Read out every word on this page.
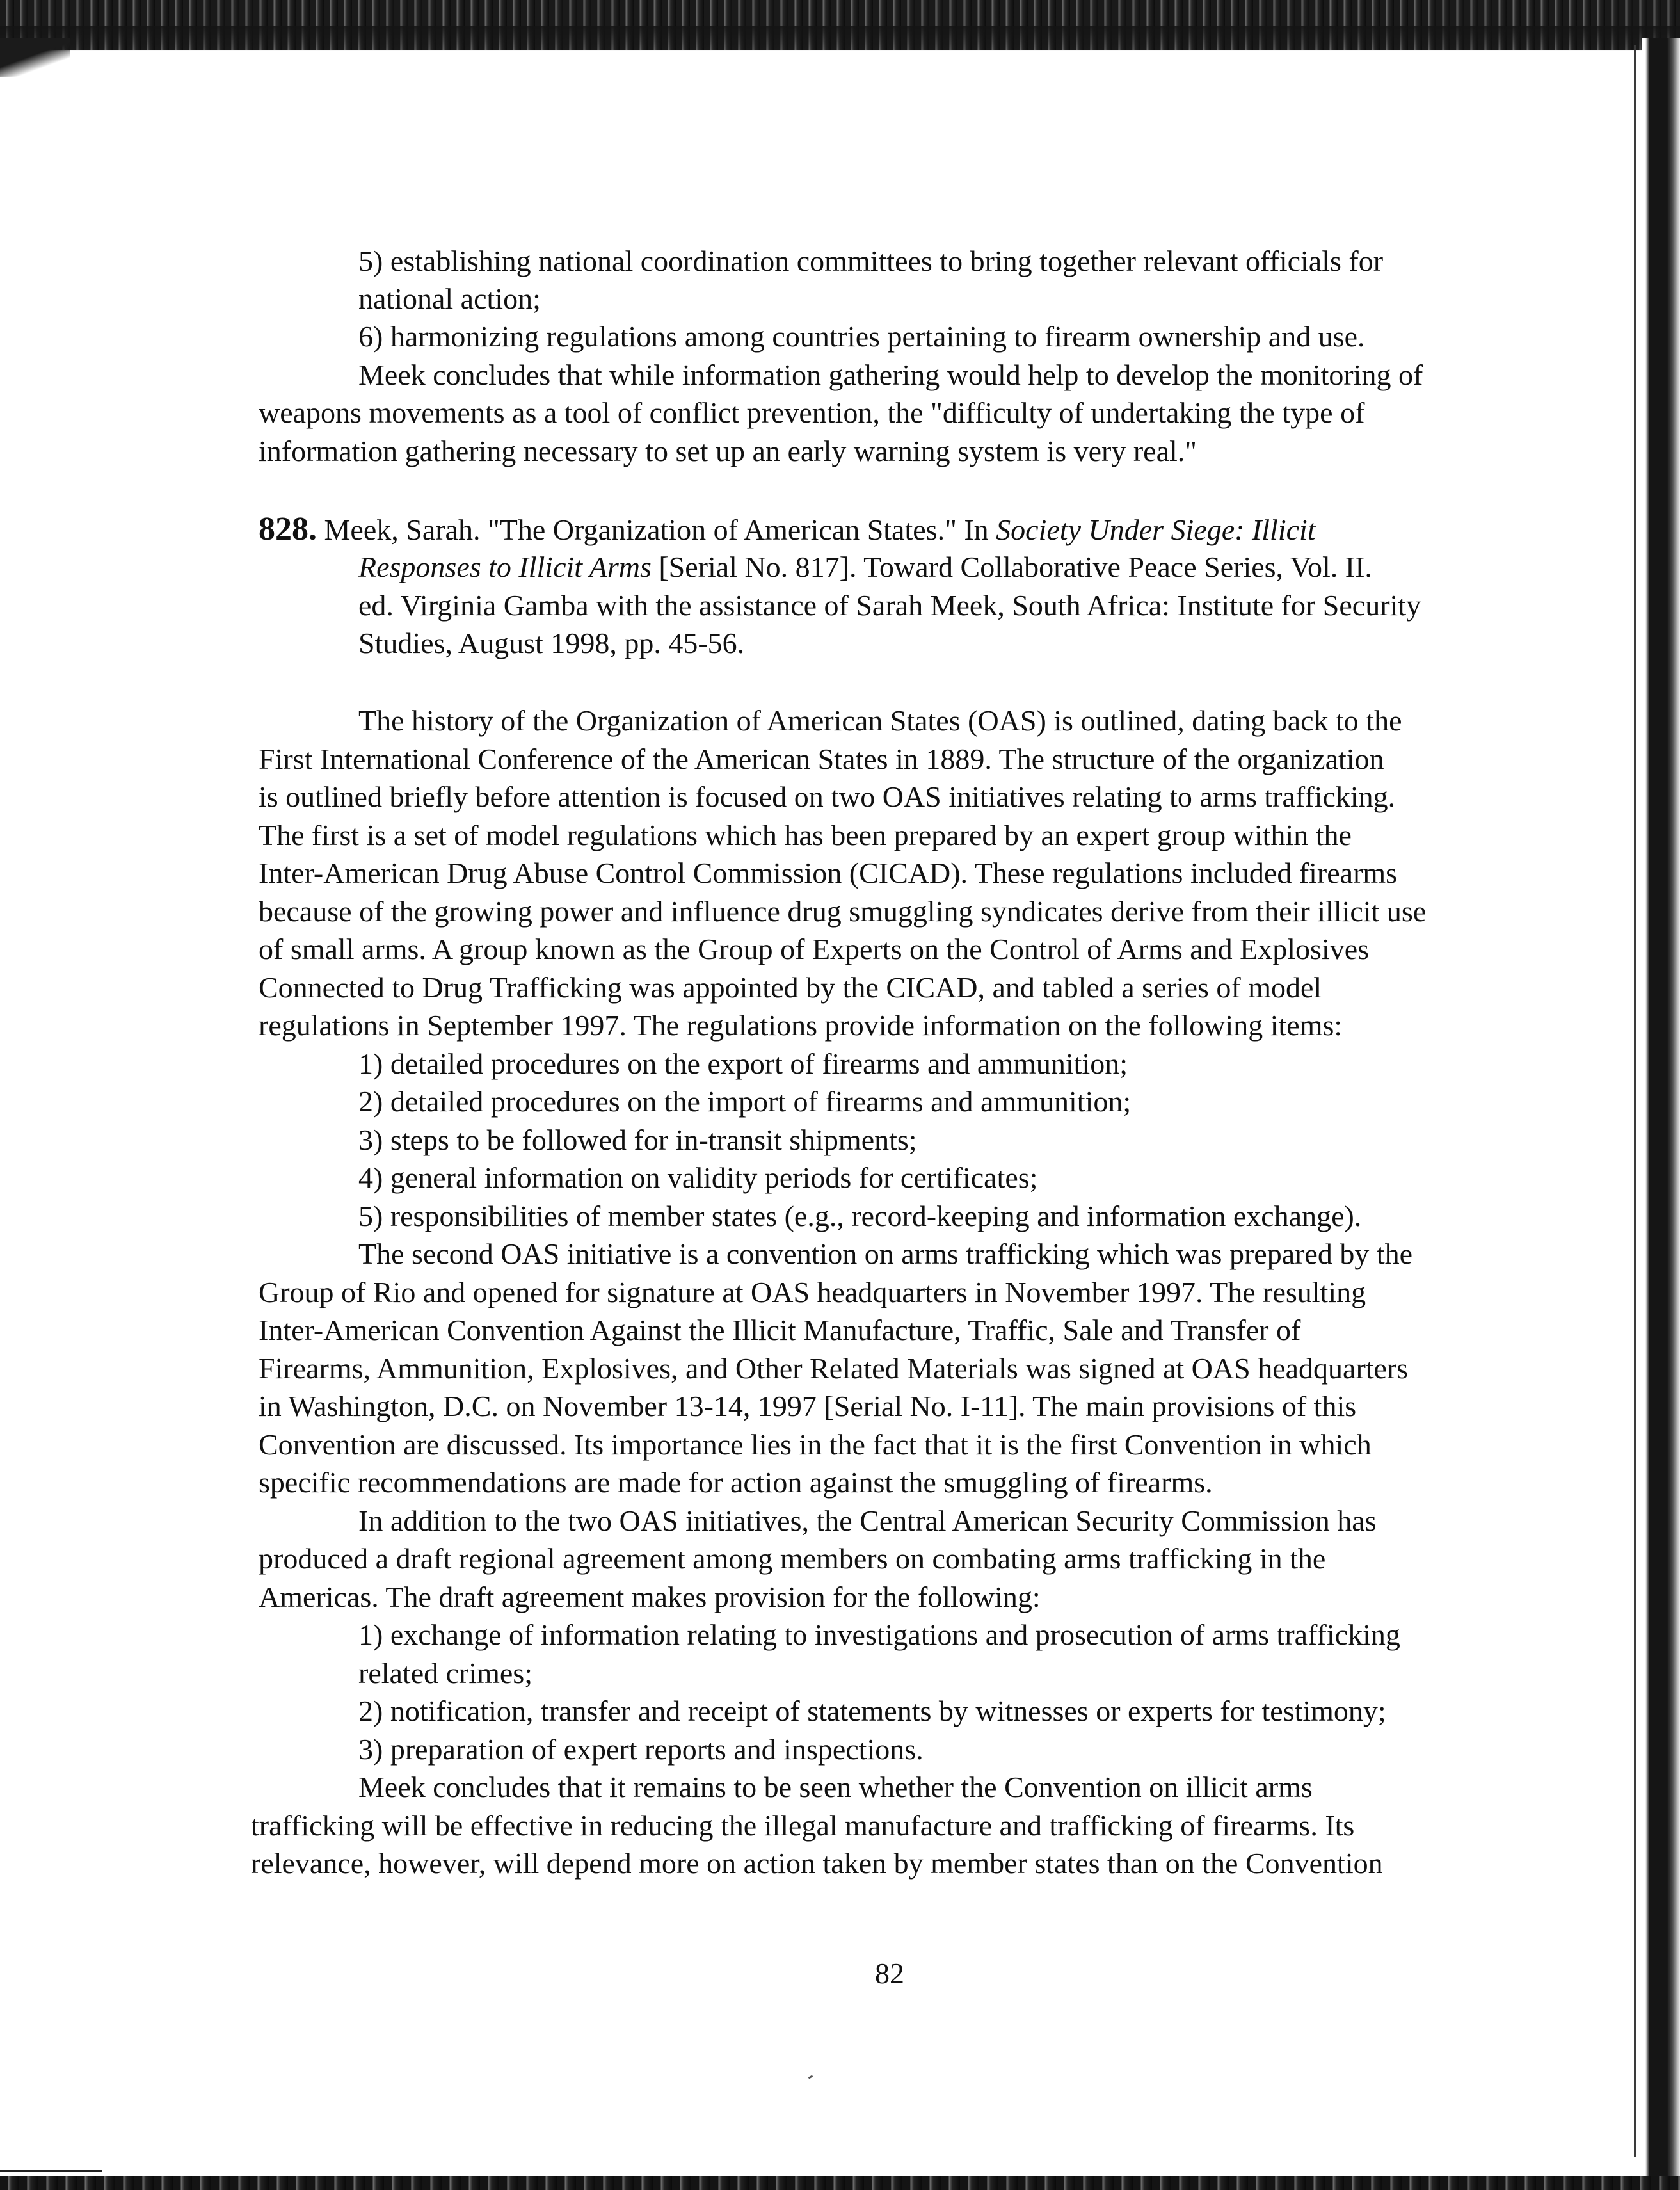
5) establishing national coordination committees to bring together relevant officials for
national action;
6) harmonizing regulations among countries pertaining to firearm ownership and use.
Meek concludes that while information gathering would help to develop the monitoring of
weapons movements as a tool of conflict prevention, the "difficulty of undertaking the type of
information gathering necessary to set up an early warning system is very real."
828. Meek, Sarah. "The Organization of American States." In Society Under Siege: Illicit
Responses to Illicit Arms [Serial No. 817]. Toward Collaborative Peace Series, Vol. II.
ed. Virginia Gamba with the assistance of Sarah Meek, South Africa: Institute for Security
Studies, August 1998, pp. 45-56.
The history of the Organization of American States (OAS) is outlined, dating back to the
First International Conference of the American States in 1889. The structure of the organization
is outlined briefly before attention is focused on two OAS initiatives relating to arms trafficking.
The first is a set of model regulations which has been prepared by an expert group within the
Inter-American Drug Abuse Control Commission (CICAD). These regulations included firearms
because of the growing power and influence drug smuggling syndicates derive from their illicit use
of small arms. A group known as the Group of Experts on the Control of Arms and Explosives
Connected to Drug Trafficking was appointed by the CICAD, and tabled a series of model
regulations in September 1997. The regulations provide information on the following items:
1) detailed procedures on the export of firearms and ammunition;
2) detailed procedures on the import of firearms and ammunition;
3) steps to be followed for in-transit shipments;
4) general information on validity periods for certificates;
5) responsibilities of member states (e.g., record-keeping and information exchange).
The second OAS initiative is a convention on arms trafficking which was prepared by the
Group of Rio and opened for signature at OAS headquarters in November 1997. The resulting
Inter-American Convention Against the Illicit Manufacture, Traffic, Sale and Transfer of
Firearms, Ammunition, Explosives, and Other Related Materials was signed at OAS headquarters
in Washington, D.C. on November 13-14, 1997 [Serial No. I-11]. The main provisions of this
Convention are discussed. Its importance lies in the fact that it is the first Convention in which
specific recommendations are made for action against the smuggling of firearms.
In addition to the two OAS initiatives, the Central American Security Commission has
produced a draft regional agreement among members on combating arms trafficking in the
Americas. The draft agreement makes provision for the following:
1) exchange of information relating to investigations and prosecution of arms trafficking
related crimes;
2) notification, transfer and receipt of statements by witnesses or experts for testimony;
3) preparation of expert reports and inspections.
Meek concludes that it remains to be seen whether the Convention on illicit arms
trafficking will be effective in reducing the illegal manufacture and trafficking of firearms. Its
relevance, however, will depend more on action taken by member states than on the Convention
82
